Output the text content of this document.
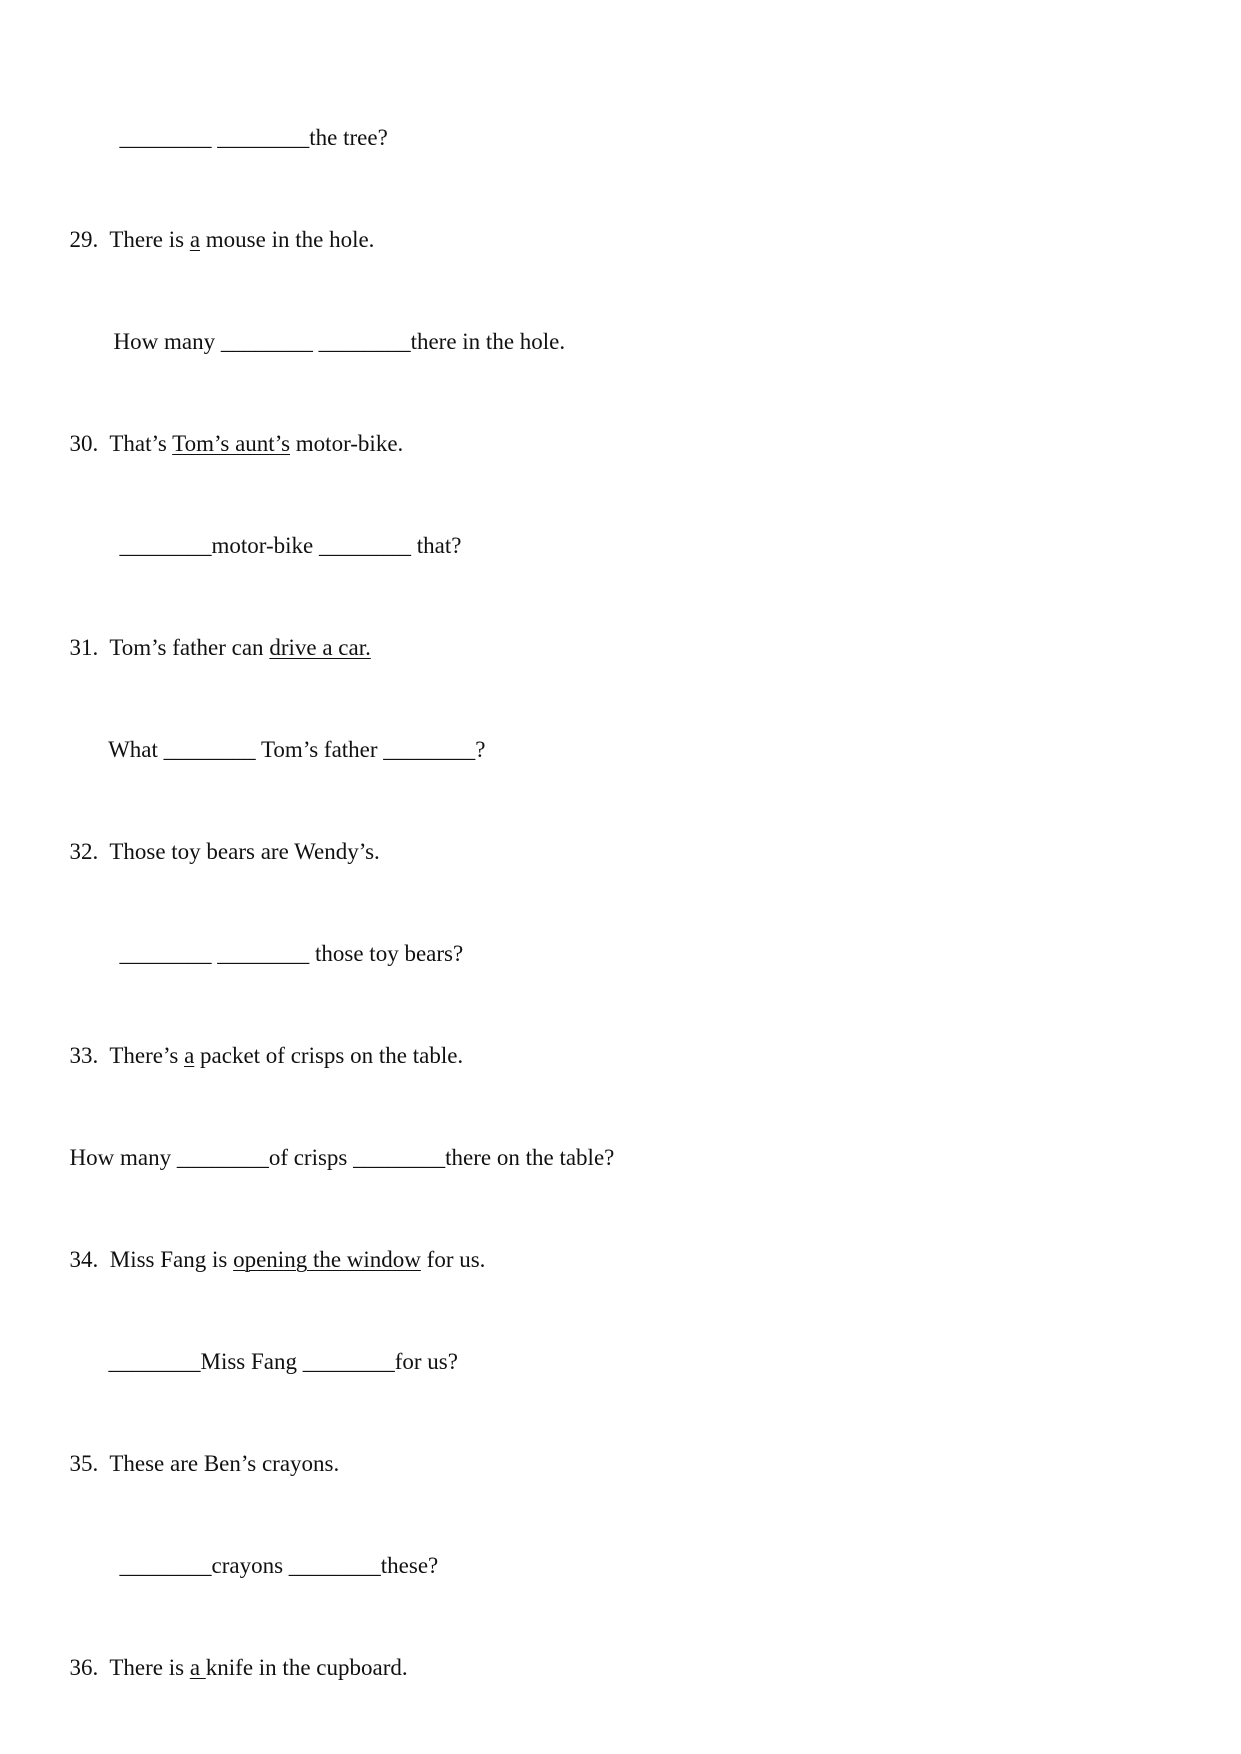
________ ________the tree?

29.  There is a mouse in the hole.

How many ________ ________there in the hole.

30.  That’s Tom’s aunt’s motor-bike.

________motor-bike ________ that?

31.  Tom’s father can drive a car.

What ________ Tom’s father ________?

32.  Those toy bears are Wendy’s.

________ ________ those toy bears?

33.  There’s a packet of crisps on the table.

How many ________of crisps ________there on the table?

34.  Miss Fang is opening the window for us.

________Miss Fang ________for us?

35.  These are Ben’s crayons.

________crayons ________these?

36.  There is a knife in the cupboard.
